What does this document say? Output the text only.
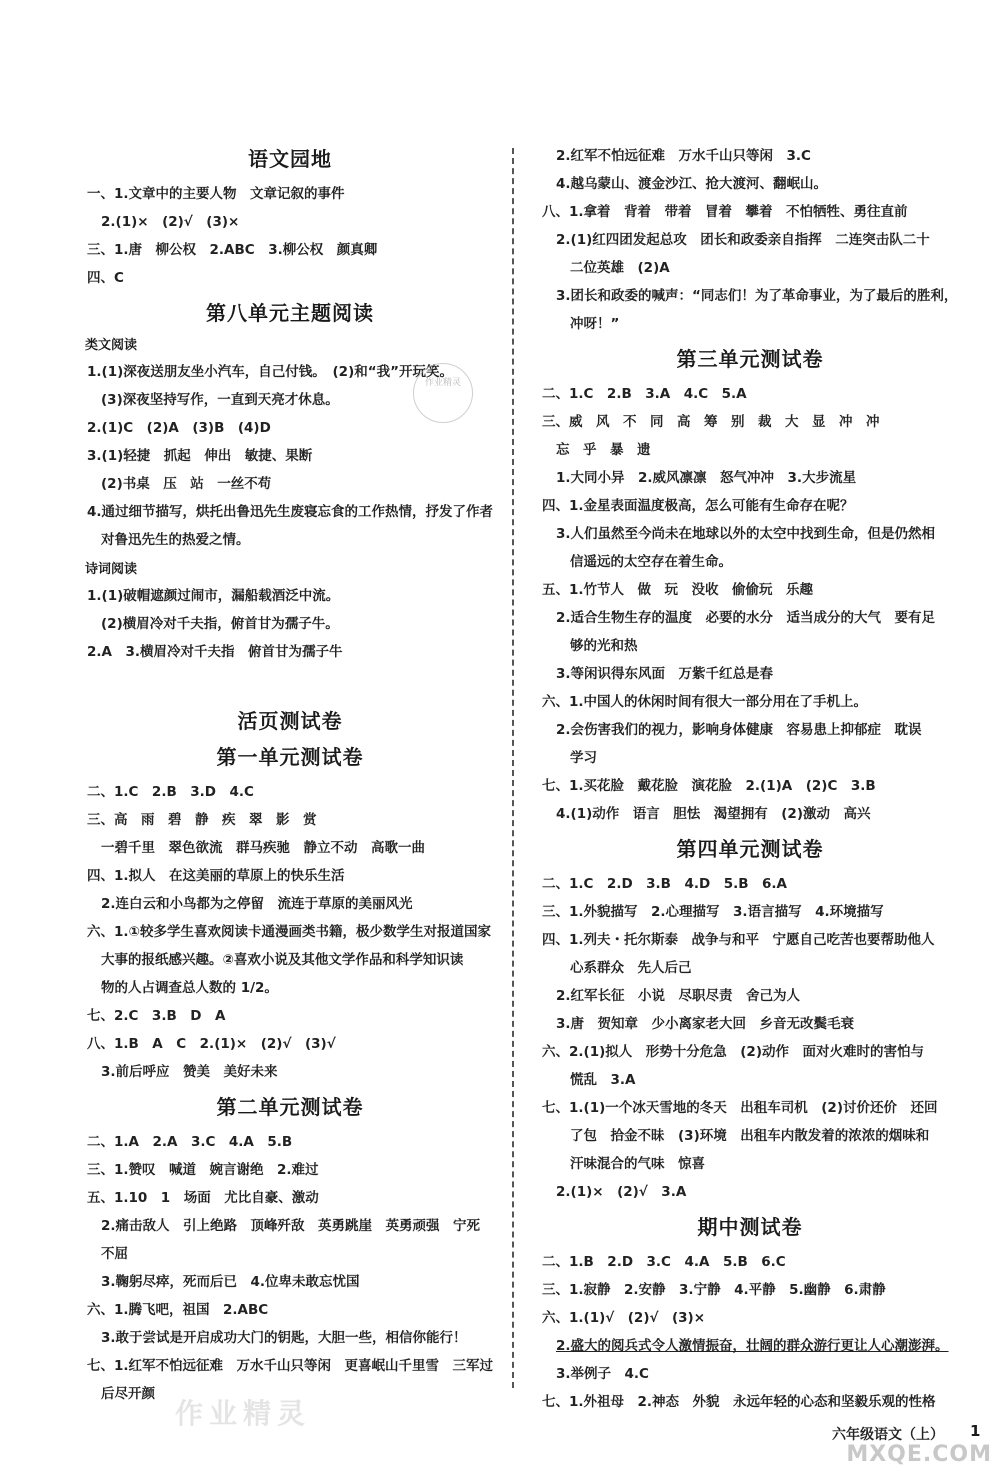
语文园地
一、1.文章中的主要人物　文章记叙的事件
2.(1)×　(2)√　(3)×
三、1.唐　柳公权　2.ABC　3.柳公权　颜真卿
四、C
第八单元主题阅读
类文阅读
1.(1)深夜送朋友坐小汽车，自己付钱。　(2)和“我”开玩笑。
(3)深夜坚持写作，一直到天亮才休息。
2.(1)C　(2)A　(3)B　(4)D
3.(1)轻捷　抓起　伸出　敏捷、果断
(2)书桌　压　站　一丝不苟
4.通过细节描写，烘托出鲁迅先生废寝忘食的工作热情，抒发了作者
对鲁迅先生的热爱之情。
诗词阅读
1.(1)破帽遮颜过闹市，漏船载酒泛中流。
(2)横眉冷对千夫指，俯首甘为孺子牛。
2.A　3.横眉冷对千夫指　俯首甘为孺子牛
活页测试卷
第一单元测试卷
二、1.C　2.B　3.D　4.C
三、高　雨　碧　静　疾　翠　影　赏
一碧千里　翠色欲流　群马疾驰　静立不动　高歌一曲
四、1.拟人　在这美丽的草原上的快乐生活
2.连白云和小鸟都为之停留　流连于草原的美丽风光
六、1.①较多学生喜欢阅读卡通漫画类书籍，极少数学生对报道国家
大事的报纸感兴趣。②喜欢小说及其他文学作品和科学知识读
物的人占调查总人数的 1/2。
七、2.C　3.B　D　A
八、1.B　A　C　2.(1)×　(2)√　(3)√
3.前后呼应　赞美　美好未来
第二单元测试卷
二、1.A　2.A　3.C　4.A　5.B
三、1.赞叹　喊道　婉言谢绝　2.难过
五、1.10　1　场面　尤比自豪、激动
2.痛击敌人　引上绝路　顶峰歼敌　英勇跳崖　英勇顽强　宁死
不屈
3.鞠躬尽瘁，死而后已　4.位卑未敢忘忧国
六、1.腾飞吧，祖国　2.ABC
3.敢于尝试是开启成功大门的钥匙，大胆一些，相信你能行！
七、1.红军不怕远征难　万水千山只等闲　更喜岷山千里雪　三军过
后尽开颜
2.红军不怕远征难　万水千山只等闲　3.C
4.越乌蒙山、渡金沙江、抢大渡河、翻岷山。
八、1.拿着　背着　带着　冒着　攀着　不怕牺牲、勇往直前
2.(1)红四团发起总攻　团长和政委亲自指挥　二连突击队二十
二位英雄　(2)A
3.团长和政委的喊声：“同志们！为了革命事业，为了最后的胜利，
冲呀！”
第三单元测试卷
二、1.C　2.B　3.A　4.C　5.A
三、威　风　不　同　高　筹　别　裁　大　显　冲　冲
忘　乎　暴　遗
1.大同小异　2.威风凛凛　怒气冲冲　3.大步流星
四、1.金星表面温度极高，怎么可能有生命存在呢？
3.人们虽然至今尚未在地球以外的太空中找到生命，但是仍然相
信遥远的太空存在着生命。
五、1.竹节人　做　玩　没收　偷偷玩　乐趣
2.适合生物生存的温度　必要的水分　适当成分的大气　要有足
够的光和热
3.等闲识得东风面　万紫千红总是春
六、1.中国人的休闲时间有很大一部分用在了手机上。
2.会伤害我们的视力，影响身体健康　容易患上抑郁症　耽误
学习
七、1.买花脸　戴花脸　演花脸　2.(1)A　(2)C　3.B
4.(1)动作　语言　胆怯　渴望拥有　(2)激动　高兴
第四单元测试卷
二、1.C　2.D　3.B　4.D　5.B　6.A
三、1.外貌描写　2.心理描写　3.语言描写　4.环境描写
四、1.列夫・托尔斯泰　战争与和平　宁愿自己吃苦也要帮助他人
心系群众　先人后己
2.红军长征　小说　尽职尽责　舍己为人
3.唐　贺知章　少小离家老大回　乡音无改鬓毛衰
六、2.(1)拟人　形势十分危急　(2)动作　面对火难时的害怕与
慌乱　3.A
七、1.(1)一个冰天雪地的冬天　出租车司机　(2)讨价还价　还回
了包　拾金不昧　(3)环境　出租车内散发着的浓浓的烟味和
汗味混合的气味　惊喜
2.(1)×　(2)√　3.A
期中测试卷
二、1.B　2.D　3.C　4.A　5.B　6.C
三、1.寂静　2.安静　3.宁静　4.平静　5.幽静　6.肃静
六、1.(1)√　(2)√　(3)×
2.盛大的阅兵式令人激情振奋，壮阔的群众游行更让人心潮澎湃。
3.举例子　4.C
七、1.外祖母　2.神态　外貌　永远年轻的心态和坚毅乐观的性格
作业精灵
作业精灵
六年级语文（上） 1
MXQE.COM
